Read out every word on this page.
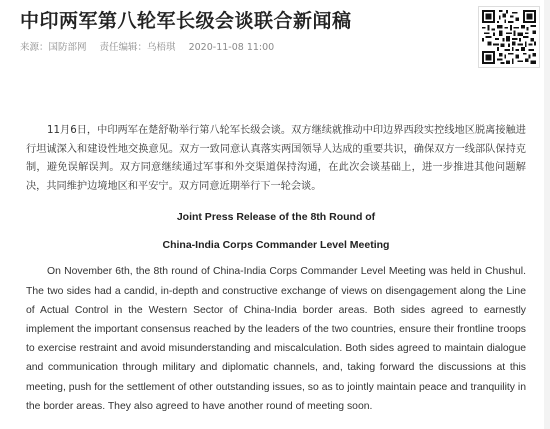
中印两军第八轮军长级会谈联合新闻稿
来源：国防部网 责任编辑：乌梧琪 2020-11-08 11:00

11月6日，中印两军在楚舒勒举行第八轮军长级会谈。双方继续就推动中印边界西段实控线地区脱离接触进行坦诚深入和建设性地交换意见。双方一致同意认真落实两国领导人达成的重要共识，确保双方一线部队保持克制，避免误解误判。双方同意继续通过军事和外交渠道保持沟通，在此次会谈基础上，进一步推进其他问题解决，共同维护边境地区和平安宁。双方同意近期举行下一轮会谈。

Joint Press Release of the 8th Round of

China-India Corps Commander Level Meeting

On November 6th, the 8th round of China-India Corps Commander Level Meeting was held in Chushul. The two sides had a candid, in-depth and constructive exchange of views on disengagement along the Line of Actual Control in the Western Sector of China-India border areas. Both sides agreed to earnestly implement the important consensus reached by the leaders of the two countries, ensure their frontline troops to exercise restraint and avoid misunderstanding and miscalculation. Both sides agreed to maintain dialogue and communication through military and diplomatic channels, and, taking forward the discussions at this meeting, push for the settlement of other outstanding issues, so as to jointly maintain peace and tranquility in the border areas. They also agreed to have another round of meeting soon.
